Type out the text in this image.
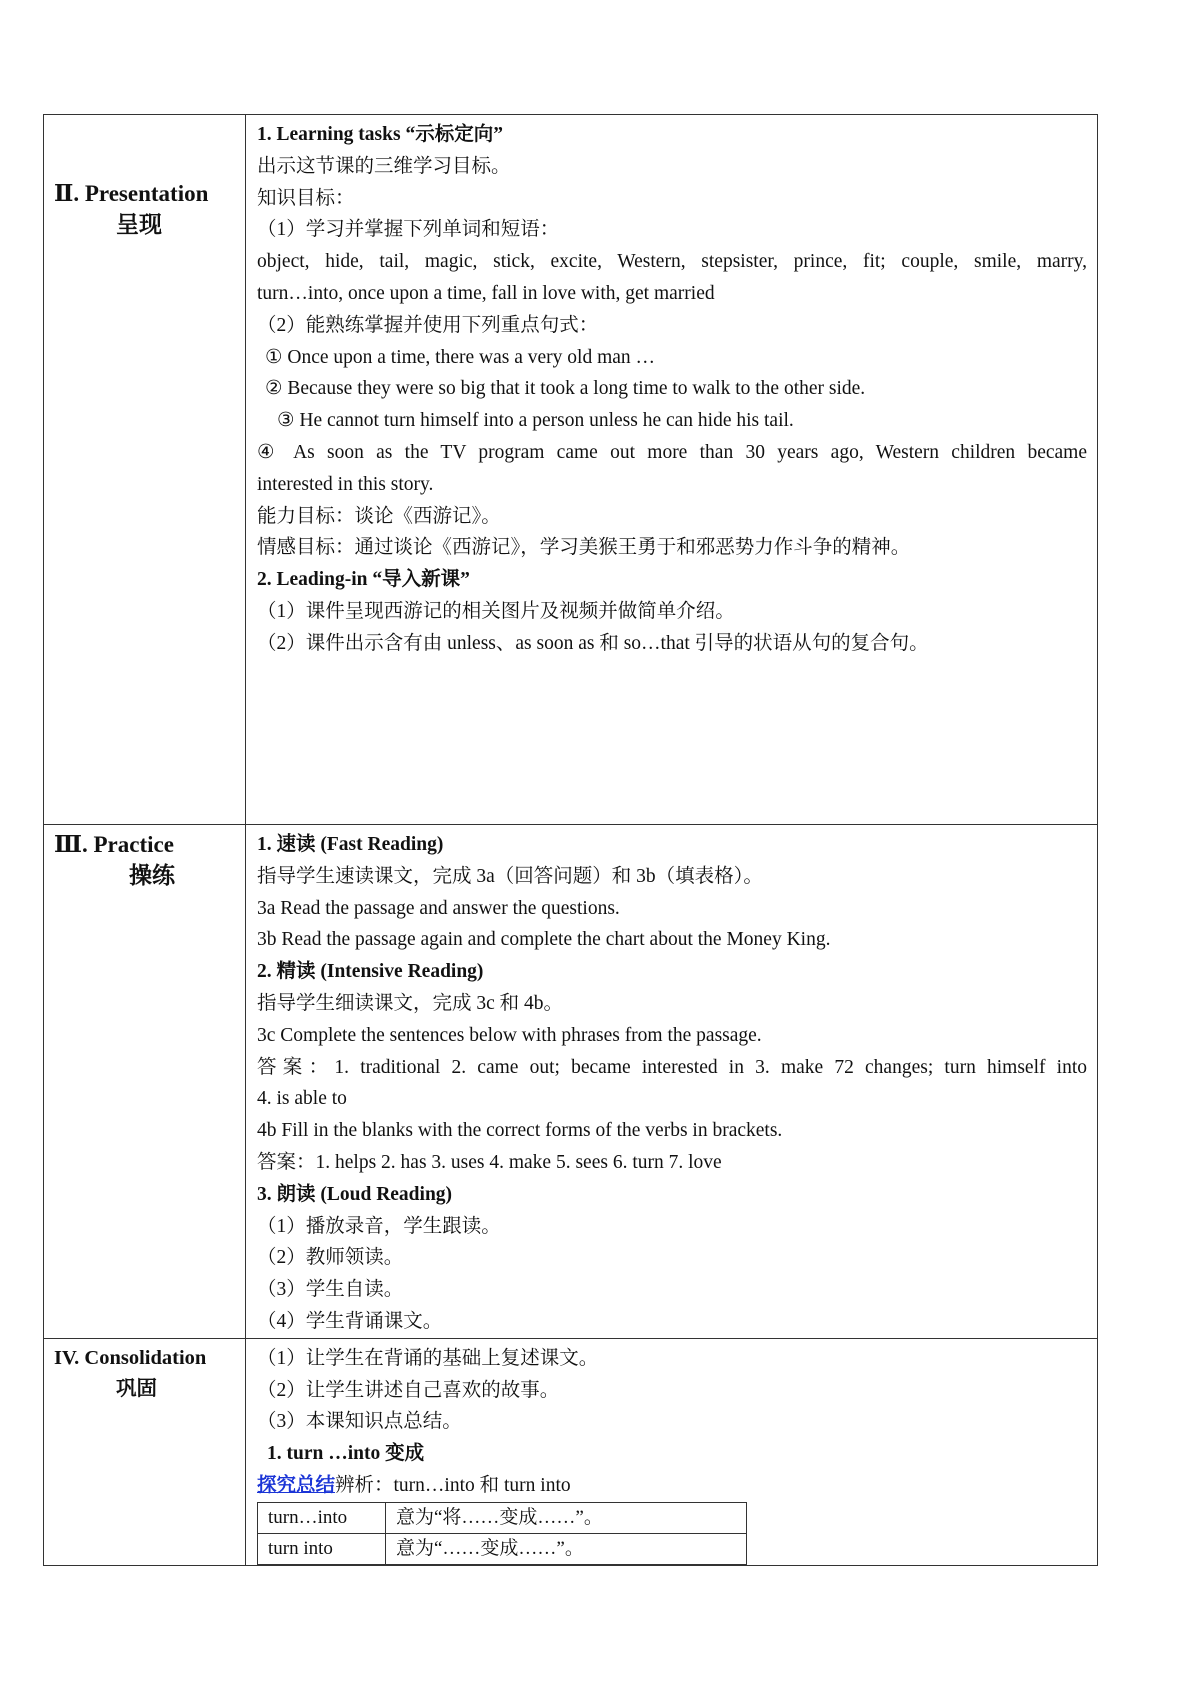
Ⅱ. Presentation
呈现

1. Learning tasks “示标定向”
出示这节课的三维学习目标。
知识目标：
（1）学习并掌握下列单词和短语：
object, hide, tail, magic, stick, excite, Western, stepsister, prince, fit; couple, smile, marry,
turn…into, once upon a time, fall in love with, get married
（2）能熟练掌握并使用下列重点句式：
① Once upon a time, there was a very old man …
② Because they were so big that it took a long time to walk to the other side.
③ He cannot turn himself into a person unless he can hide his tail.
④ As soon as the TV program came out more than 30 years ago, Western children became
interested in this story.
能力目标：谈论《西游记》。
情感目标：通过谈论《西游记》，学习美猴王勇于和邪恶势力作斗争的精神。
2. Leading-in “导入新课”
（1）课件呈现西游记的相关图片及视频并做简单介绍。
（2）课件出示含有由 unless、as soon as 和 so…that 引导的状语从句的复合句。

Ⅲ. Practice
操练

1. 速读 (Fast Reading)
指导学生速读课文，完成 3a（回答问题）和 3b（填表格）。
3a Read the passage and answer the questions.
3b Read the passage again and complete the chart about the Money King.
2. 精读 (Intensive Reading)
指导学生细读课文，完成 3c 和 4b。
3c Complete the sentences below with phrases from the passage.
答案：1. traditional 2. came out; became interested in 3. make 72 changes; turn himself into
4. is able to
4b Fill in the blanks with the correct forms of the verbs in brackets.
答案：1. helps 2. has 3. uses 4. make 5. sees 6. turn 7. love
3. 朗读 (Loud Reading)
（1）播放录音，学生跟读。
（2）教师领读。
（3）学生自读。
（4）学生背诵课文。

IV. Consolidation
巩固

（1）让学生在背诵的基础上复述课文。
（2）让学生讲述自己喜欢的故事。
（3）本课知识点总结。
1. turn …into 变成
探究总结辨析：turn…into 和 turn into
turn…into	意为“将……变成……”。
turn into	意为“……变成……”。
